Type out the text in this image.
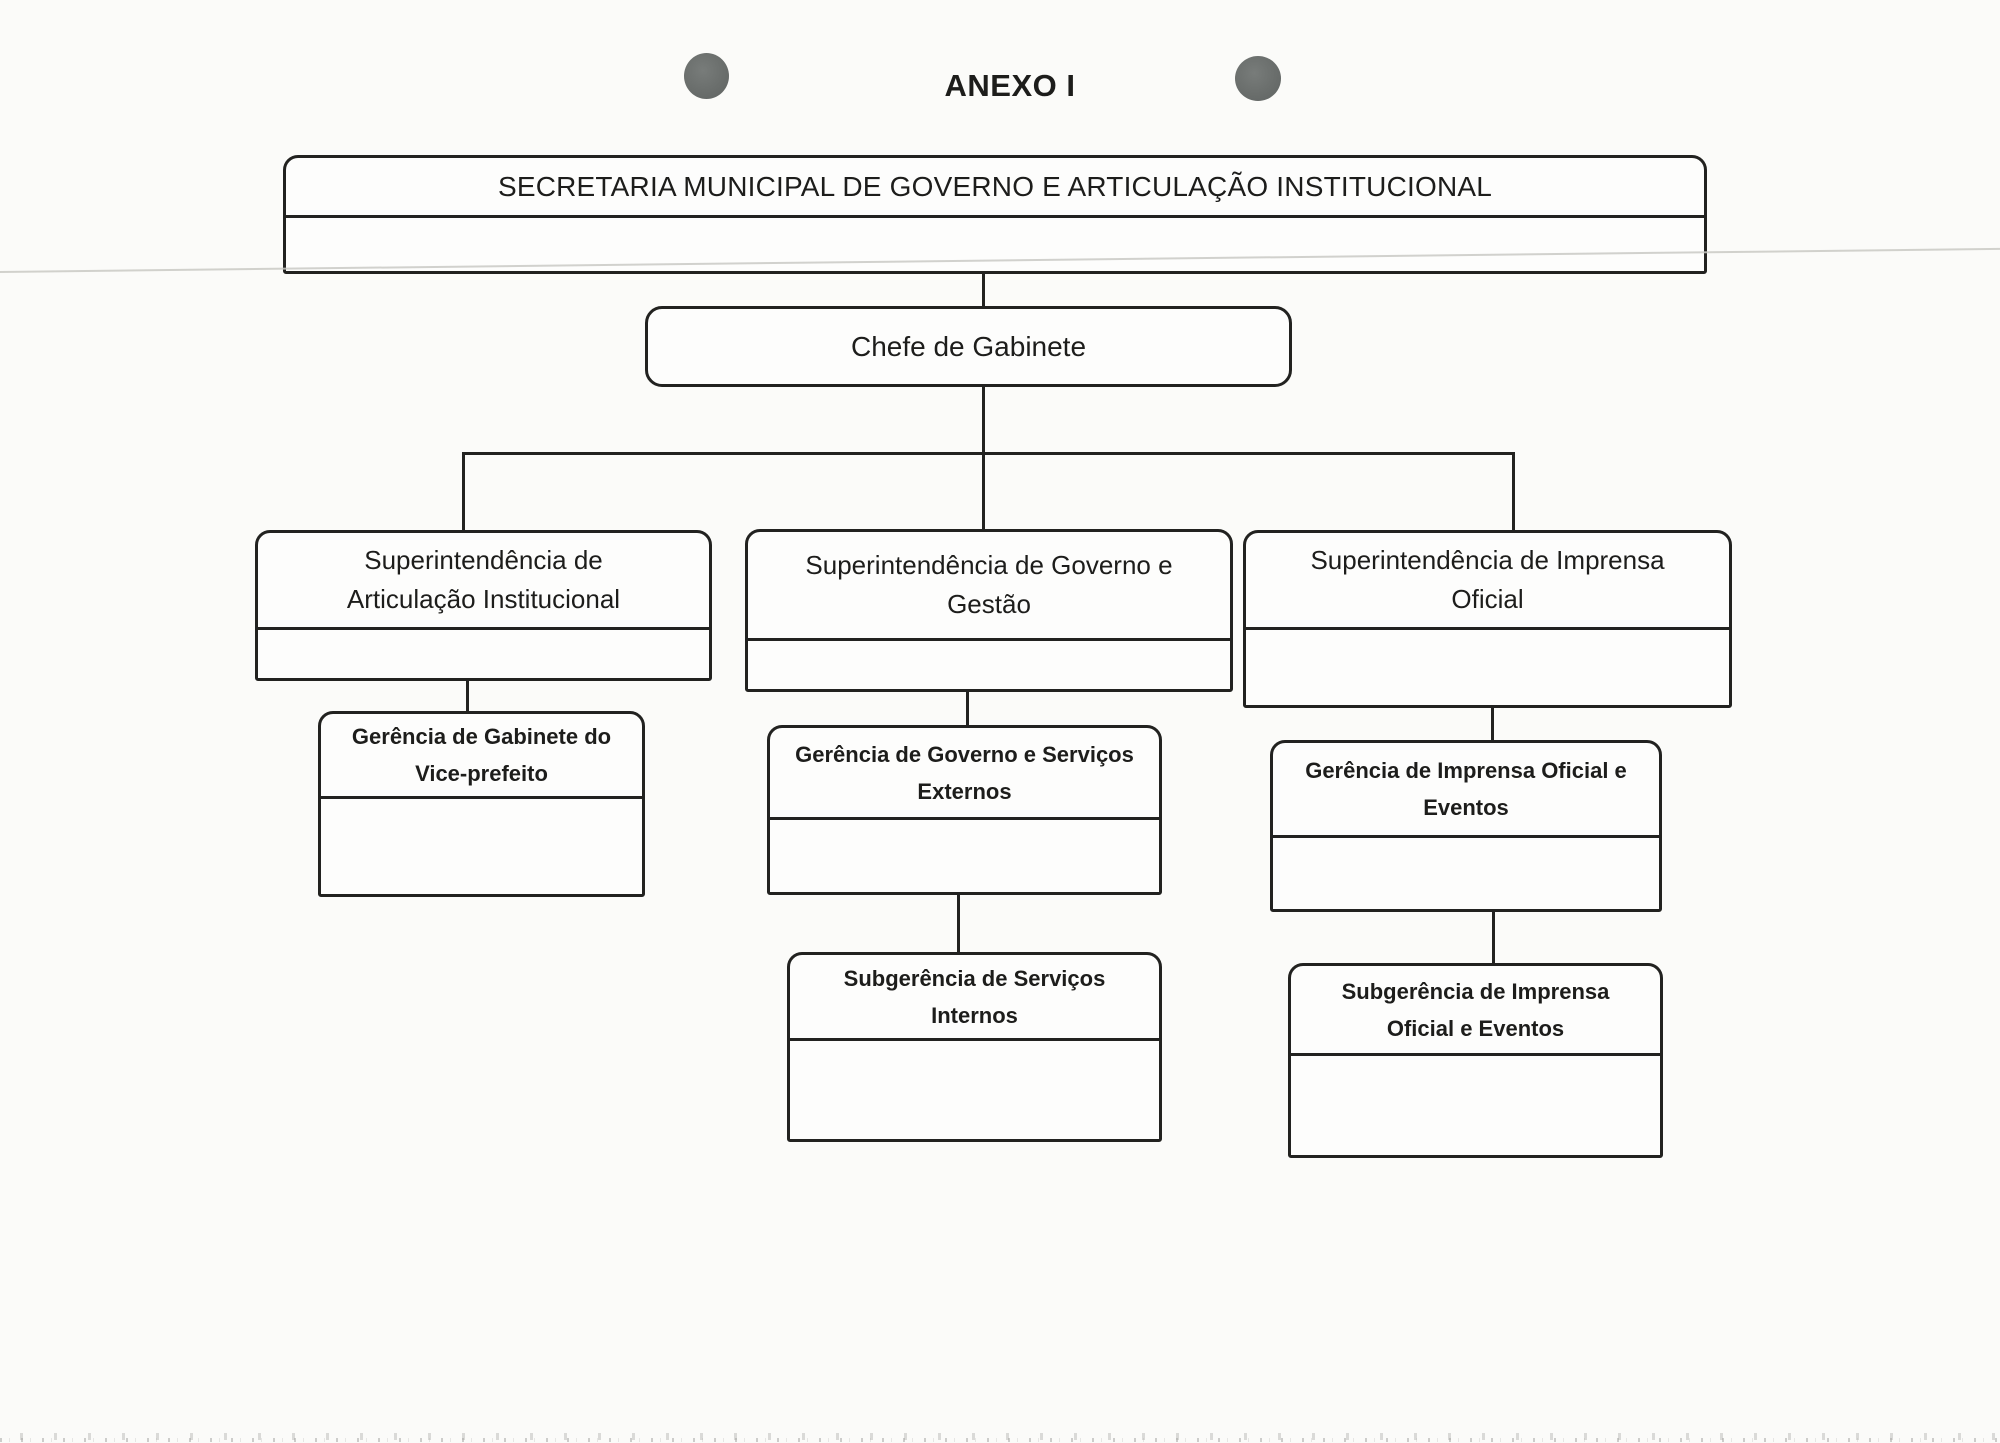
ANEXO I
SECRETARIA MUNICIPAL DE GOVERNO E ARTICULAÇÃO INSTITUCIONAL
Chefe de Gabinete
Superintendência de
Articulação Institucional
Superintendência de Governo e
Gestão
Superintendência de Imprensa
Oficial
Gerência de Gabinete do
Vice-prefeito
Gerência de Governo e Serviços
Externos
Gerência de Imprensa Oficial e
Eventos
Subgerência de Serviços
Internos
Subgerência de Imprensa
Oficial e Eventos
